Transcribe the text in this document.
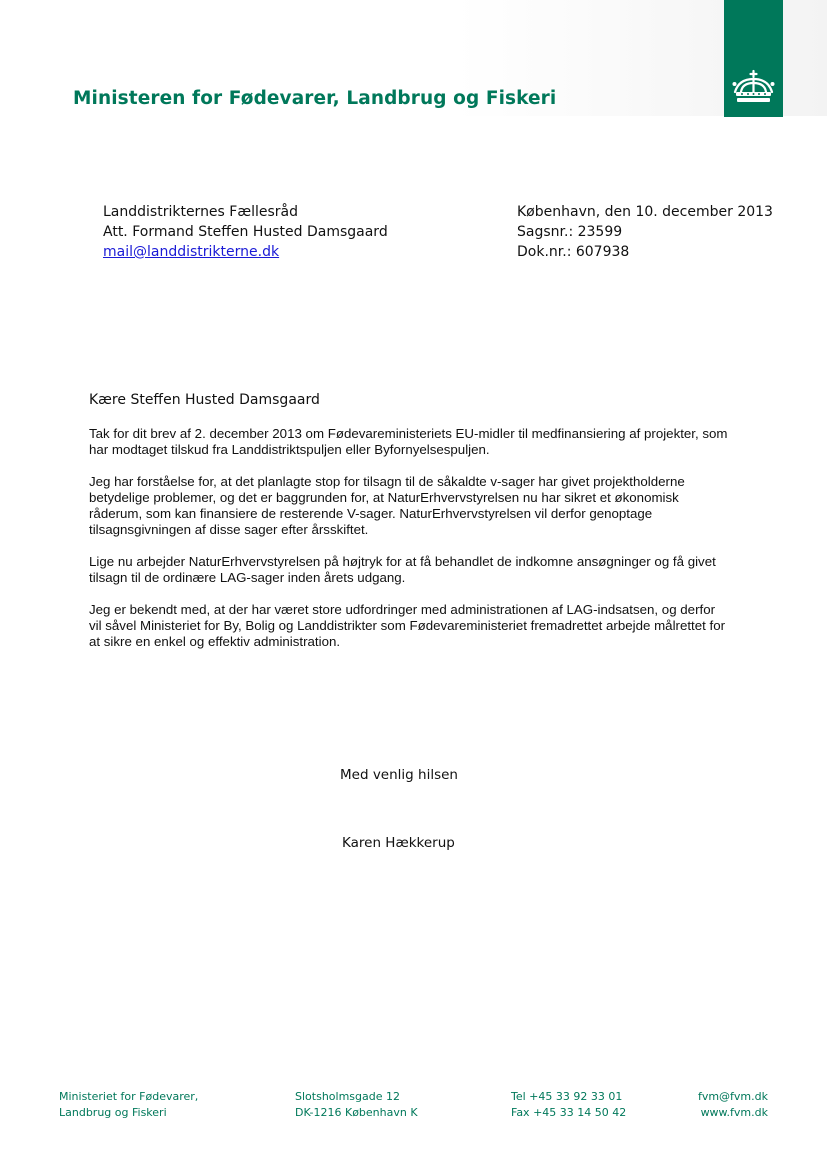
Ministeren for Fødevarer, Landbrug og Fiskeri
Landdistrikternes Fællesråd
Att. Formand Steffen Husted Damsgaard
mail@landdistrikterne.dk
København, den 10. december 2013
Sagsnr.: 23599
Dok.nr.: 607938
Kære Steffen Husted Damsgaard

Tak for dit brev af 2. december 2013 om Fødevareministeriets EU-midler til medfinansiering af projekter, som har modtaget tilskud fra Landdistriktspuljen eller Byfornyelsespuljen.

Jeg har forståelse for, at det planlagte stop for tilsagn til de såkaldte v-sager har givet projektholderne betydelige problemer, og det er baggrunden for, at NaturErhvervstyrelsen nu har sikret et økonomisk råderum, som kan finansiere de resterende V-sager. NaturErhvervstyrelsen vil derfor genoptage tilsagnsgivningen af disse sager efter årsskiftet.

Lige nu arbejder NaturErhvervstyrelsen på højtryk for at få behandlet de indkomne ansøgninger og få givet tilsagn til de ordinære LAG-sager inden årets udgang.

Jeg er bekendt med, at der har været store udfordringer med administrationen af LAG-indsatsen, og derfor vil såvel Ministeriet for By, Bolig og Landdistrikter som Fødevareministeriet fremadrettet arbejde målrettet for at sikre en enkel og effektiv administration.

Med venlig hilsen
Karen Hækkerup
Ministeriet for Fødevarer,
Landbrug og Fiskeri
Slotsholmsgade 12
DK-1216 København K
Tel +45 33 92 33 01
Fax +45 33 14 50 42
fvm@fvm.dk
www.fvm.dk
